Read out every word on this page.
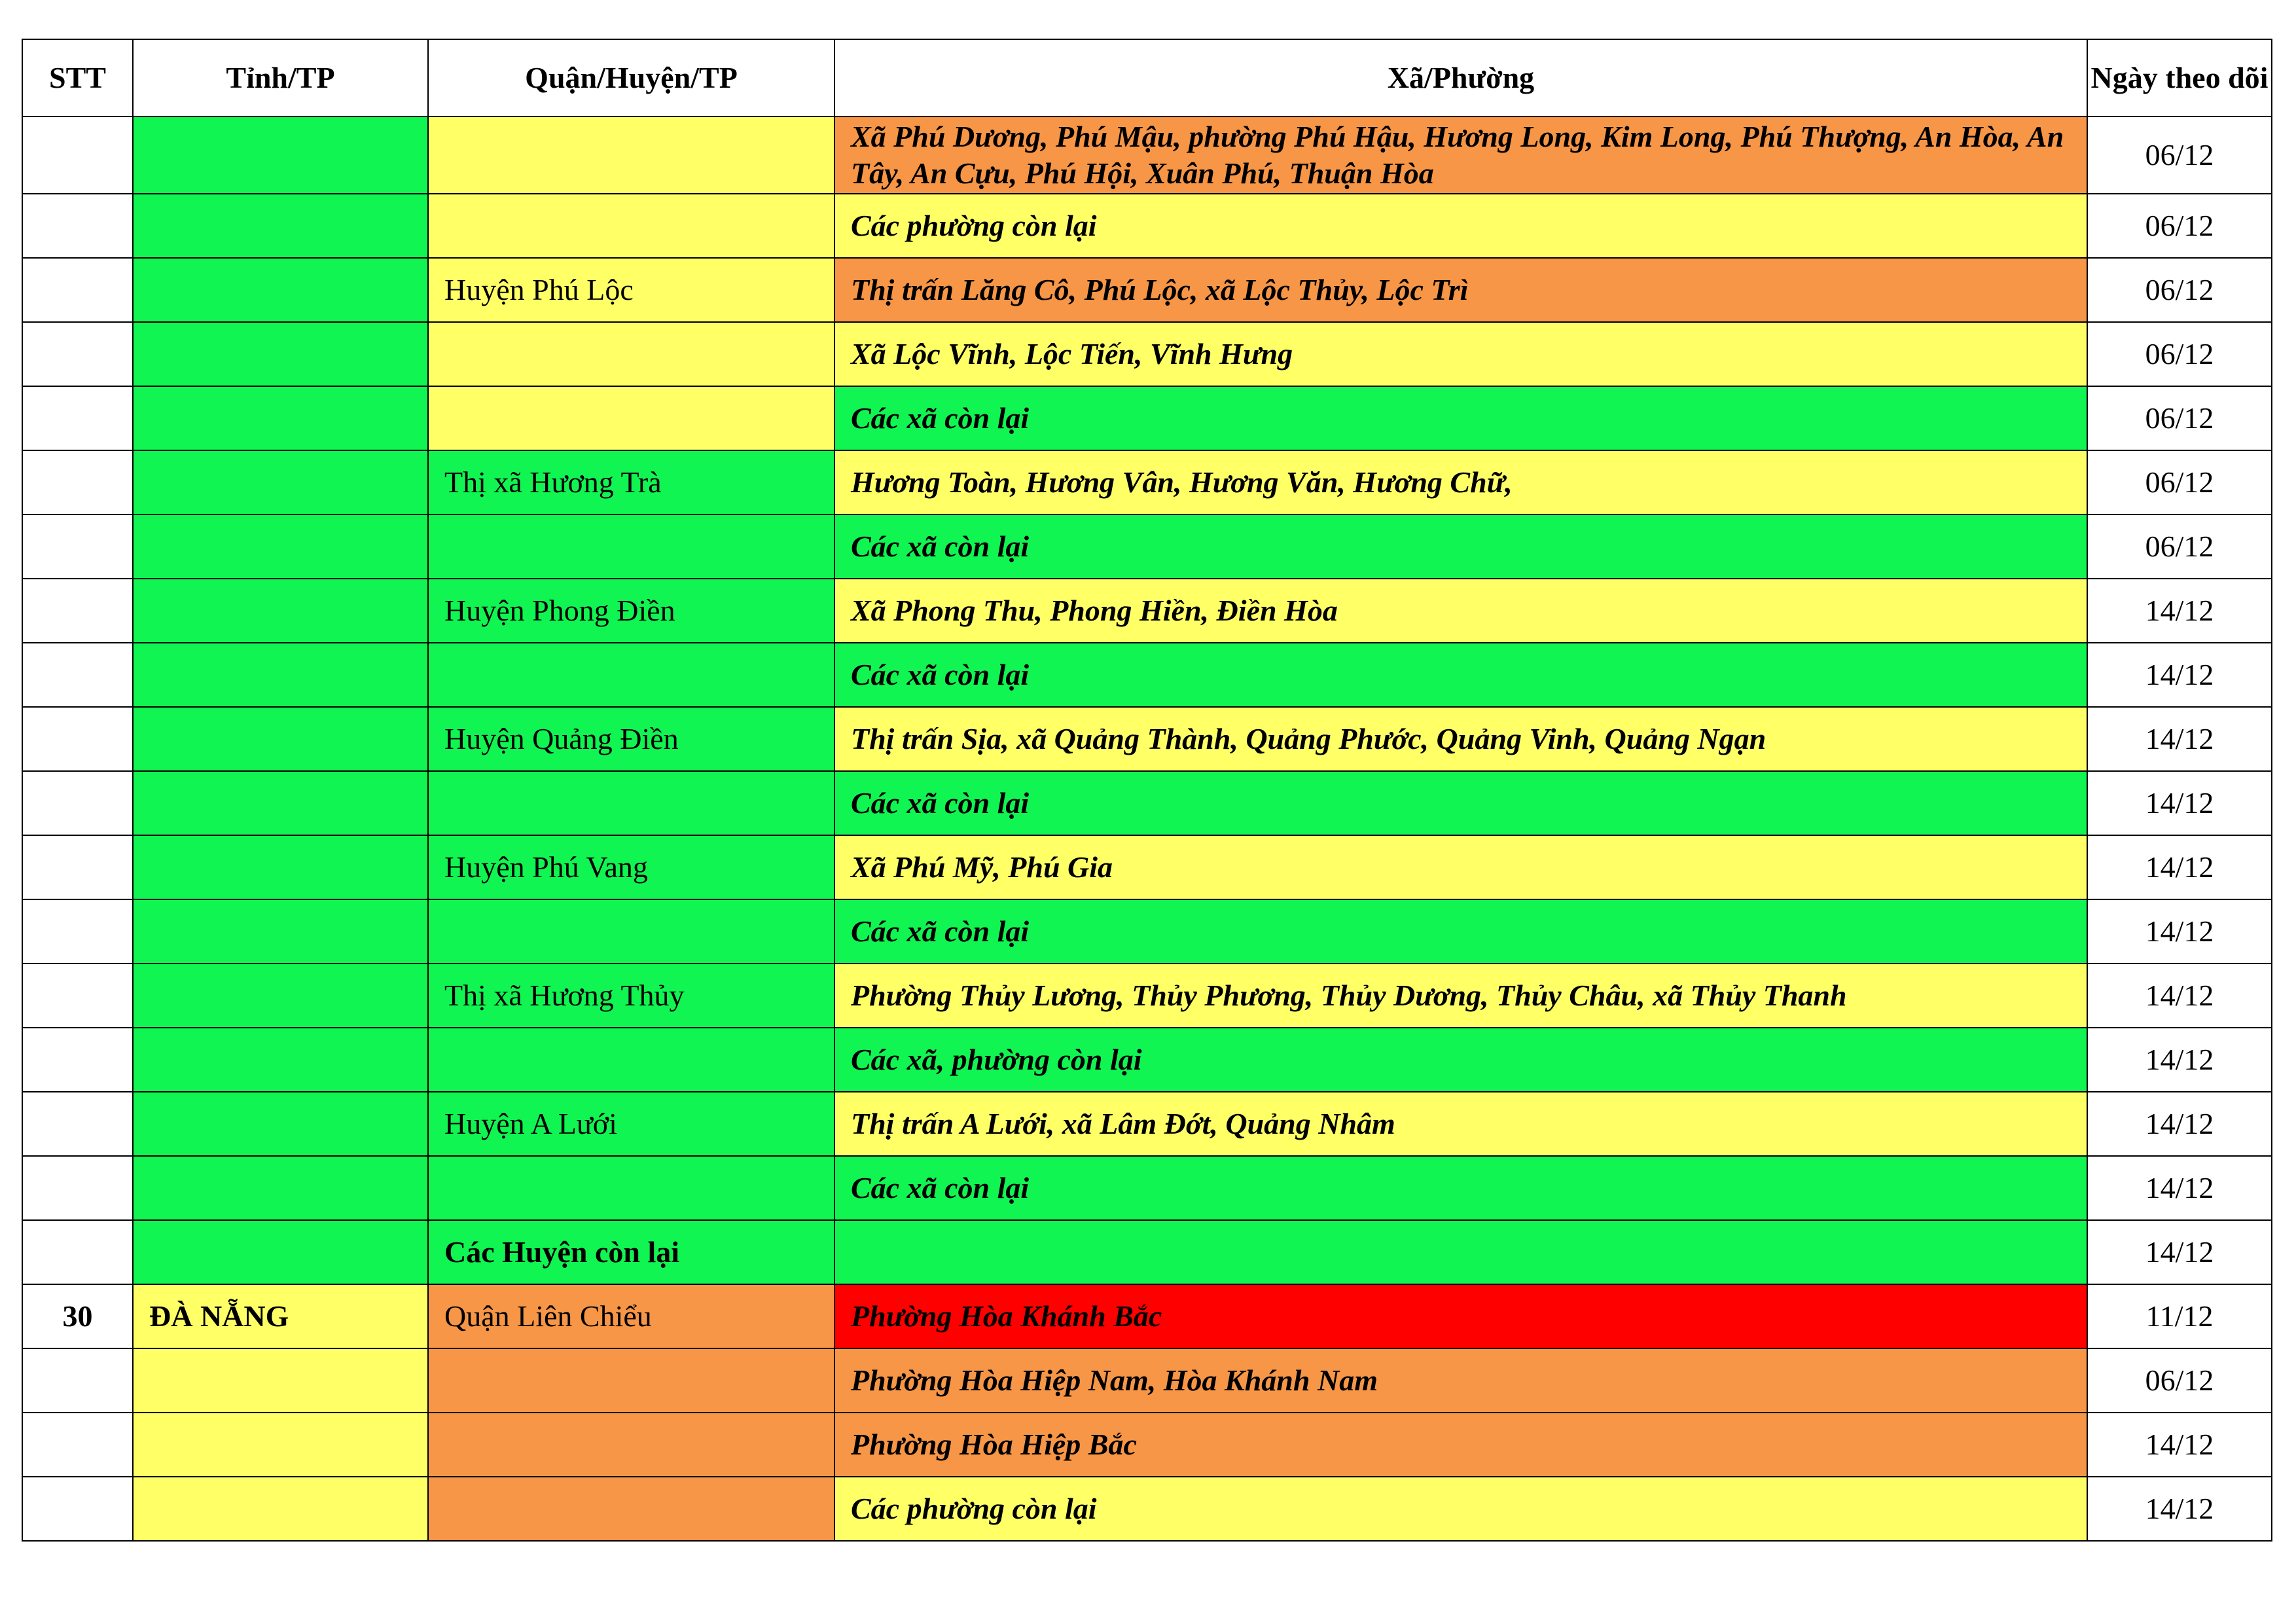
STT	Tỉnh/TP	Quận/Huyện/TP	Xã/Phường	Ngày theo dõi
			Xã Phú Dương, Phú Mậu, phường Phú Hậu, Hương Long, Kim Long, Phú Thượng, An Hòa, An Tây, An Cựu, Phú Hội, Xuân Phú, Thuận Hòa	06/12
			Các phường còn lại	06/12
		Huyện Phú Lộc	Thị trấn Lăng Cô, Phú Lộc, xã Lộc Thủy, Lộc Trì	06/12
			Xã Lộc Vĩnh, Lộc Tiến, Vĩnh Hưng	06/12
			Các xã còn lại	06/12
		Thị xã Hương Trà	Hương Toàn, Hương Vân, Hương Văn, Hương Chữ,	06/12
			Các xã còn lại	06/12
		Huyện Phong Điền	Xã Phong Thu, Phong Hiền, Điền Hòa	14/12
			Các xã còn lại	14/12
		Huyện Quảng Điền	Thị trấn Sịa, xã Quảng Thành, Quảng Phước, Quảng Vinh, Quảng Ngạn	14/12
			Các xã còn lại	14/12
		Huyện Phú Vang	Xã Phú Mỹ, Phú Gia	14/12
			Các xã còn lại	14/12
		Thị xã Hương Thủy	Phường Thủy Lương, Thủy Phương, Thủy Dương, Thủy Châu, xã Thủy Thanh	14/12
			Các xã, phường còn lại	14/12
		Huyện A Lưới	Thị trấn A Lưới, xã Lâm Đớt, Quảng Nhâm	14/12
			Các xã còn lại	14/12
		Các Huyện còn lại		14/12
30	ĐÀ NẴNG	Quận Liên Chiểu	Phường Hòa Khánh Bắc	11/12
			Phường Hòa Hiệp Nam, Hòa Khánh Nam	06/12
			Phường Hòa Hiệp Bắc	14/12
			Các phường còn lại	14/12
